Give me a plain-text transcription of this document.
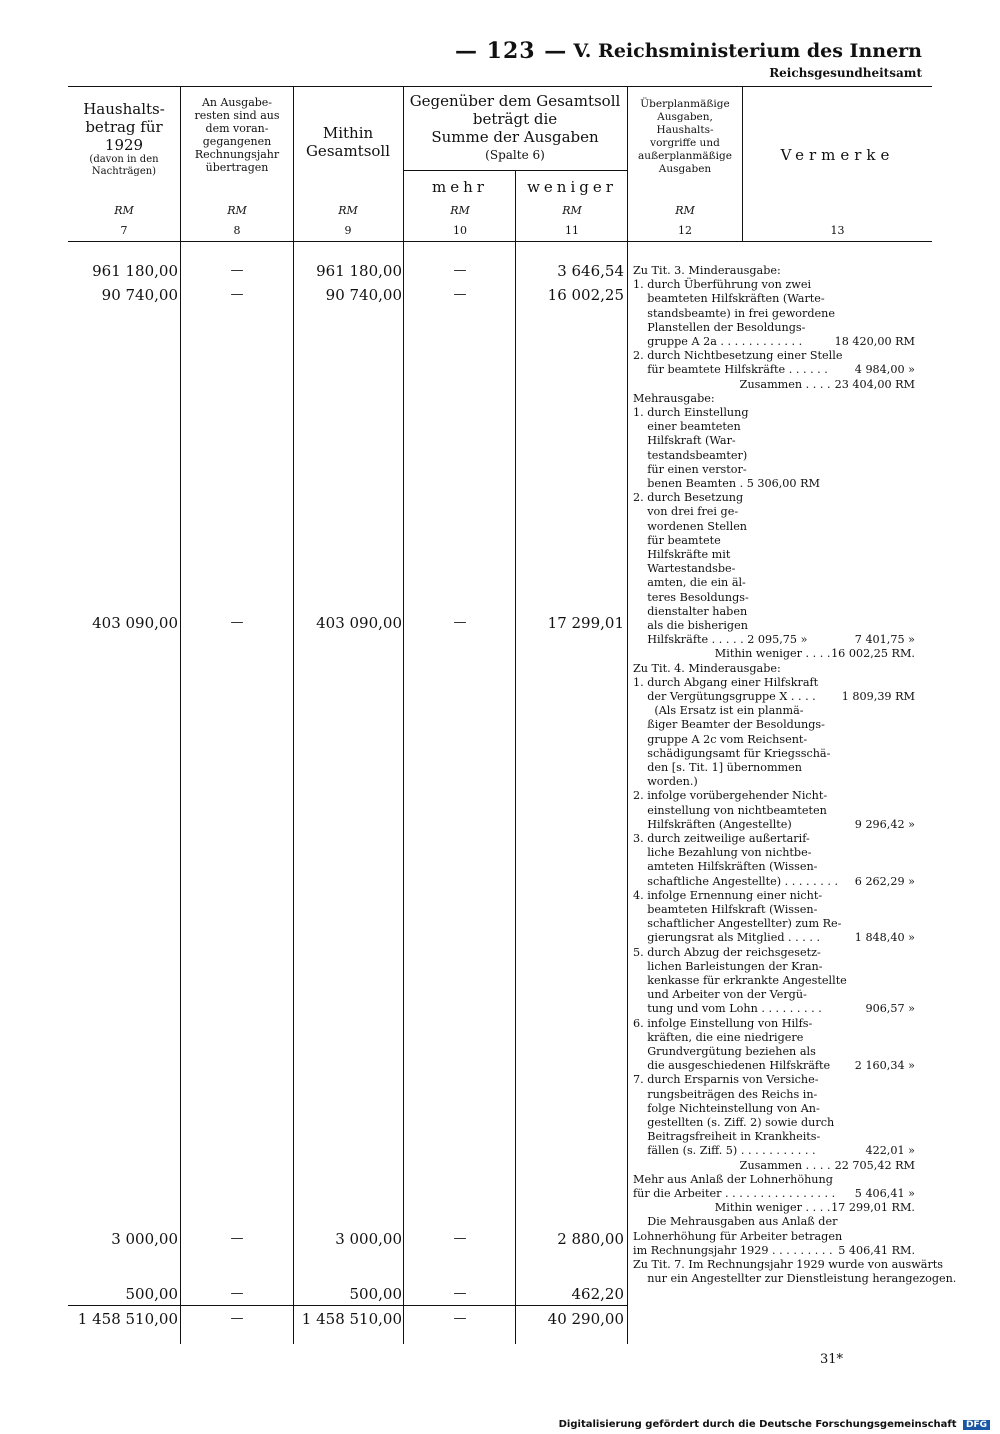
— 123 — V. Reichsministerium des Innern
Reichsgesundheitsamt
Haushalts-
betrag für
1929
(davon in den
Nachträgen)
An Ausgabe-
resten sind aus
dem voran-
gegangenen
Rechnungsjahr
übertragen
Mithin
Gesamtsoll
Gegenüber dem Gesamtsoll
beträgt die
Summe der Ausgaben
(Spalte 6)
mehr	weniger
Überplanmäßige
Ausgaben,
Haushalts-
vorgriffe und
außerplanmäßige
Ausgaben
Vermerke
RM	RM	RM	RM	RM	RM
7	8	9	10	11	12	13
961 180,00	—	961 180,00	—	3 646,54
90 740,00	—	90 740,00	—	16 002,25
403 090,00	—	403 090,00	—	17 299,01
3 000,00	—	3 000,00	—	2 880,00
500,00	—	500,00	—	462,20
1 458 510,00	—	1 458 510,00	—	40 290,00
Zu Tit. 3. Minderausgabe:
1. durch Überführung von zwei
beamteten Hilfskräften (Warte-
standsbeamte) in frei gewordene
Planstellen der Besoldungs-
gruppe A 2a . . . . . . . . . . . .	18 420,00 RM
2. durch Nichtbesetzung einer Stelle
für beamtete Hilfskräfte . . . . . . 4 984,00 »
Zusammen . . . . 23 404,00 RM
Mehrausgabe:
1. durch Einstellung
einer beamteten
Hilfskraft (War-
testandsbeamter)
für einen verstor-
benen Beamten . 5 306,00 RM
2. durch Besetzung
von drei frei ge-
wordenen Stellen
für beamtete
Hilfskräfte mit
Wartestandsbe-
amten, die ein äl-
teres Besoldungs-
dienstalter haben
als die bisherigen
Hilfskräfte . . . . . 2 095,75 »	7 401,75 »
Mithin weniger . . . . 16 002,25 RM.
Zu Tit. 4. Minderausgabe:
1. durch Abgang einer Hilfskraft
der Vergütungsgruppe X . . . . 1 809,39 RM
(Als Ersatz ist ein planmä-
ßiger Beamter der Besoldungs-
gruppe A 2c vom Reichsent-
schädigungsamt für Kriegsschä-
den [s. Tit. 1] übernommen
worden.)
2. infolge vorübergehender Nicht-
einstellung von nichtbeamteten
Hilfskräften (Angestellte)	9 296,42 »
3. durch zeitweilige außertarif-
liche Bezahlung von nichtbe-
amteten Hilfskräften (Wissen-
schaftliche Angestellte) . . . . . . . . 6 262,29 »
4. infolge Ernennung einer nicht-
beamteten Hilfskraft (Wissen-
schaftlicher Angestellter) zum Re-
gierungsrat als Mitglied . . . . .	1 848,40 »
5. durch Abzug der reichsgesetz-
lichen Barleistungen der Kran-
kenkasse für erkrankte Angestellte
und Arbeiter von der Vergü-
tung und vom Lohn . . . . . . . . .	906,57 »
6. infolge Einstellung von Hilfs-
kräften, die eine niedrigere
Grundvergütung beziehen als
die ausgeschiedenen Hilfskräfte 2 160,34 »
7. durch Ersparnis von Versiche-
rungsbeiträgen des Reichs in-
folge Nichteinstellung von An-
gestellten (s. Ziff. 2) sowie durch
Beitragsfreiheit in Krankheits-
fällen (s. Ziff. 5) . . . . . . . . . . .	422,01 »
Zusammen . . . . 22 705,42 RM
Mehr aus Anlaß der Lohnerhöhung
für die Arbeiter . . . . . . . . . . . . . . . . 5 406,41 »
Mithin weniger . . . . 17 299,01 RM.
Die Mehrausgaben aus Anlaß der
Lohnerhöhung für Arbeiter betragen
im Rechnungsjahr 1929 . . . . . . . . . 5 406,41 RM.
Zu Tit. 7. Im Rechnungsjahr 1929 wurde von auswärts
nur ein Angestellter zur Dienstleistung herangezogen.
31*
Digitalisierung gefördert durch die Deutsche Forschungsgemeinschaft DFG
